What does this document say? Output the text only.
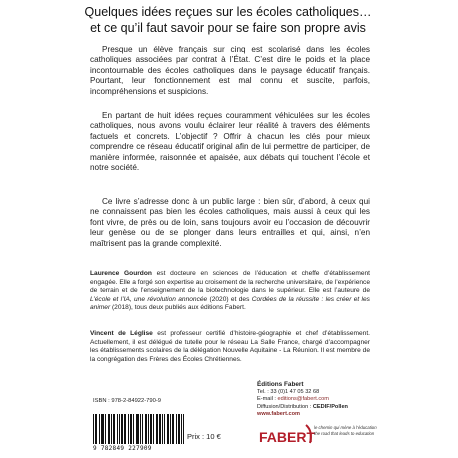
Quelques idées reçues sur les écoles catholiques…
et ce qu’il faut savoir pour se faire son propre avis
Presque un élève français sur cinq est scolarisé dans les écoles catholiques associées par contrat à l’État. C’est dire le poids et la place incontournable des écoles catholiques dans le paysage éducatif français. Pourtant, leur fonctionnement est mal connu et suscite, parfois, incompréhensions et suspicions.
En partant de huit idées reçues couramment véhiculées sur les écoles catholiques, nous avons voulu éclairer leur réalité à travers des éléments factuels et concrets. L’objectif ? Offrir à chacun les clés pour mieux comprendre ce réseau éducatif original afin de lui permettre de participer, de manière informée, raisonnée et apaisée, aux débats qui touchent l’école et notre société.
Ce livre s’adresse donc à un public large : bien sûr, d’abord, à ceux qui ne connaissent pas bien les écoles catholiques, mais aussi à ceux qui les font vivre, de près ou de loin, sans toujours avoir eu l’occasion de découvrir leur genèse ou de se plonger dans leurs entrailles et qui, ainsi, n’en maîtrisent pas la grande complexité.
Laurence Gourdon est docteure en sciences de l’éducation et cheffe d’établissement engagée. Elle a forgé son expertise au croisement de la recherche universitaire, de l’expérience de terrain et de l’enseignement de la biotechnologie dans le supérieur. Elle est l’auteure de L’école et l’IA, une révolution annoncée (2020) et des Cordées de la réussite : les créer et les animer (2018), tous deux publiés aux éditions Fabert.
Vincent de Léglise est professeur certifié d’histoire-géographie et chef d’établissement. Actuellement, il est délégué de tutelle pour le réseau La Salle France, chargé d’accompagner les établissements scolaires de la délégation Nouvelle Aquitaine - La Réunion. Il est membre de la congrégation des Frères des Écoles Chrétiennes.
Éditions Fabert
Tel. : 33 (0)1 47 05 32 68
E-mail : editions@fabert.com
Diffusion/Distribution : CEDIF/Pollen
www.fabert.com
ISBN : 978-2-84922-790-9
9 782849 227909
Prix : 10 €	FABERT
le chemin qui mène à l’éducation
the road that leads to education
